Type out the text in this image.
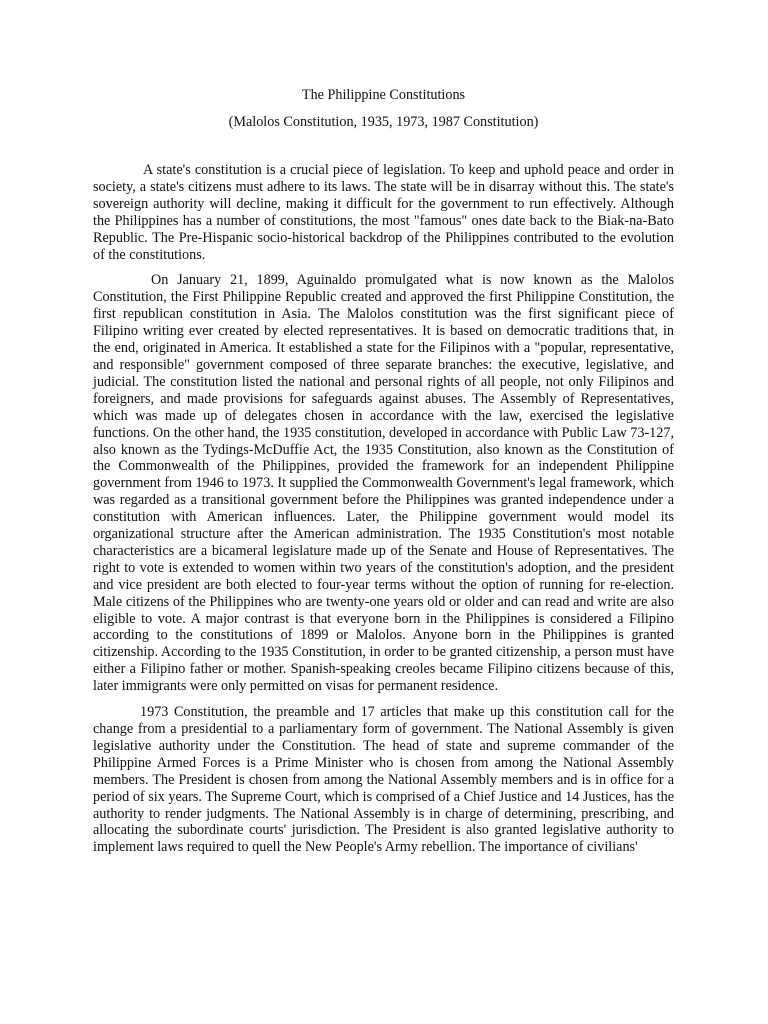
The Philippine Constitutions
(Malolos Constitution, 1935, 1973, 1987 Constitution)

A state's constitution is a crucial piece of legislation. To keep and uphold peace and order in society, a state's citizens must adhere to its laws. The state will be in disarray without this. The state's sovereign authority will decline, making it difficult for the government to run effectively. Although the Philippines has a number of constitutions, the most "famous" ones date back to the Biak-na-Bato Republic. The Pre-Hispanic socio-historical backdrop of the Philippines contributed to the evolution of the constitutions.

On January 21, 1899, Aguinaldo promulgated what is now known as the Malolos Constitution, the First Philippine Republic created and approved the first Philippine Constitution, the first republican constitution in Asia. The Malolos constitution was the first significant piece of Filipino writing ever created by elected representatives. It is based on democratic traditions that, in the end, originated in America. It established a state for the Filipinos with a "popular, representative, and responsible" government composed of three separate branches: the executive, legislative, and judicial. The constitution listed the national and personal rights of all people, not only Filipinos and foreigners, and made provisions for safeguards against abuses. The Assembly of Representatives, which was made up of delegates chosen in accordance with the law, exercised the legislative functions. On the other hand, the 1935 constitution, developed in accordance with Public Law 73-127, also known as the Tydings-McDuffie Act, the 1935 Constitution, also known as the Constitution of the Commonwealth of the Philippines, provided the framework for an independent Philippine government from 1946 to 1973. It supplied the Commonwealth Government's legal framework, which was regarded as a transitional government before the Philippines was granted independence under a constitution with American influences. Later, the Philippine government would model its organizational structure after the American administration. The 1935 Constitution's most notable characteristics are a bicameral legislature made up of the Senate and House of Representatives. The right to vote is extended to women within two years of the constitution's adoption, and the president and vice president are both elected to four-year terms without the option of running for re-election. Male citizens of the Philippines who are twenty-one years old or older and can read and write are also eligible to vote. A major contrast is that everyone born in the Philippines is considered a Filipino according to the constitutions of 1899 or Malolos. Anyone born in the Philippines is granted citizenship. According to the 1935 Constitution, in order to be granted citizenship, a person must have either a Filipino father or mother. Spanish-speaking creoles became Filipino citizens because of this, later immigrants were only permitted on visas for permanent residence.

1973 Constitution, the preamble and 17 articles that make up this constitution call for the change from a presidential to a parliamentary form of government. The National Assembly is given legislative authority under the Constitution. The head of state and supreme commander of the Philippine Armed Forces is a Prime Minister who is chosen from among the National Assembly members. The President is chosen from among the National Assembly members and is in office for a period of six years. The Supreme Court, which is comprised of a Chief Justice and 14 Justices, has the authority to render judgments. The National Assembly is in charge of determining, prescribing, and allocating the subordinate courts' jurisdiction. The President is also granted legislative authority to implement laws required to quell the New People's Army rebellion. The importance of civilians'
